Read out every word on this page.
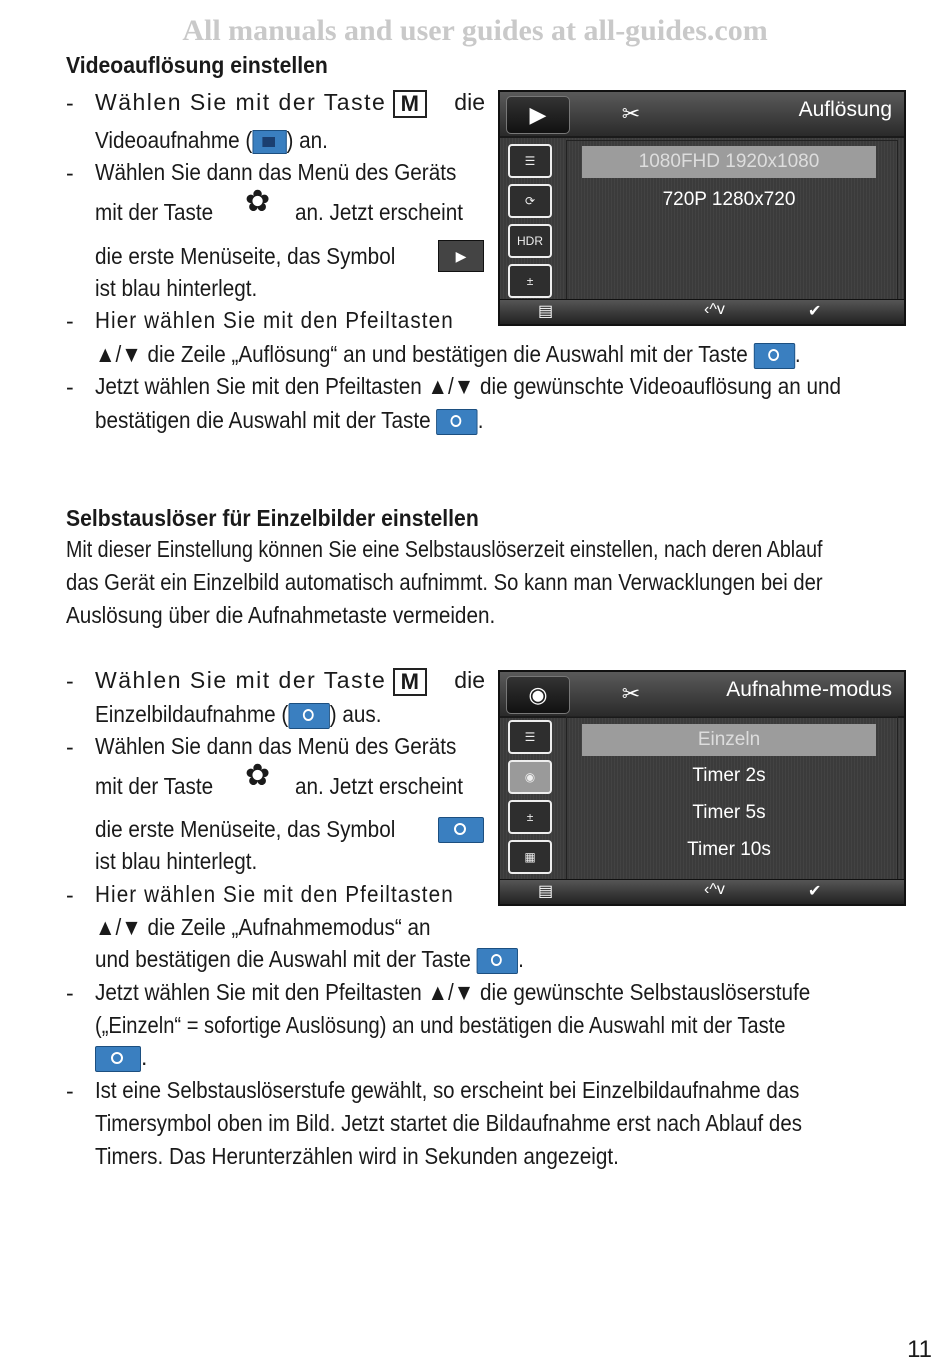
All manuals and user guides at all-guides.com
Videoauflösung einstellen
- Wählen Sie mit der Taste M die
Videoaufnahme ( ) an.
- Wählen Sie dann das Menü des Geräts
mit der Taste ✿ an. Jetzt erscheint
die erste Menüseite, das Symbol	▶
ist blau hinterlegt.
- Hier wählen Sie mit den Pfeiltasten
▲/▼ die Zeile „Auflösung“ an und bestätigen die Auswahl mit der Taste .
- Jetzt wählen Sie mit den Pfeiltasten ▲/▼ die gewünschte Videoauflösung an und
bestätigen die Auswahl mit der Taste .
▶	✂	Auflösung
☰
⟳
HDR
±
1080FHD 1920x1080
720P 1280x720
▤	‹^v	✔
Selbstauslöser für Einzelbilder einstellen
Mit dieser Einstellung können Sie eine Selbstauslöserzeit einstellen, nach deren Ablauf
das Gerät ein Einzelbild automatisch aufnimmt. So kann man Verwacklungen bei der
Auslösung über die Aufnahmetaste vermeiden.
- Wählen Sie mit der Taste M die
Einzelbildaufnahme ( ) aus.
- Wählen Sie dann das Menü des Geräts
mit der Taste ✿ an. Jetzt erscheint
die erste Menüseite, das Symbol
ist blau hinterlegt.
- Hier wählen Sie mit den Pfeiltasten
▲/▼ die Zeile „Aufnahmemodus“ an
und bestätigen die Auswahl mit der Taste .
- Jetzt wählen Sie mit den Pfeiltasten ▲/▼ die gewünschte Selbstauslöserstufe
(„Einzeln“ = sofortige Auslösung) an und bestätigen die Auswahl mit der Taste
.
- Ist eine Selbstauslöserstufe gewählt, so erscheint bei Einzelbildaufnahme das
Timersymbol oben im Bild. Jetzt startet die Bildaufnahme erst nach Ablauf des
Timers. Das Herunterzählen wird in Sekunden angezeigt.
◉	✂	Aufnahme-modus
☰
◉
±
▦
Einzeln
Timer 2s
Timer 5s
Timer 10s
▤	‹^v	✔
11
